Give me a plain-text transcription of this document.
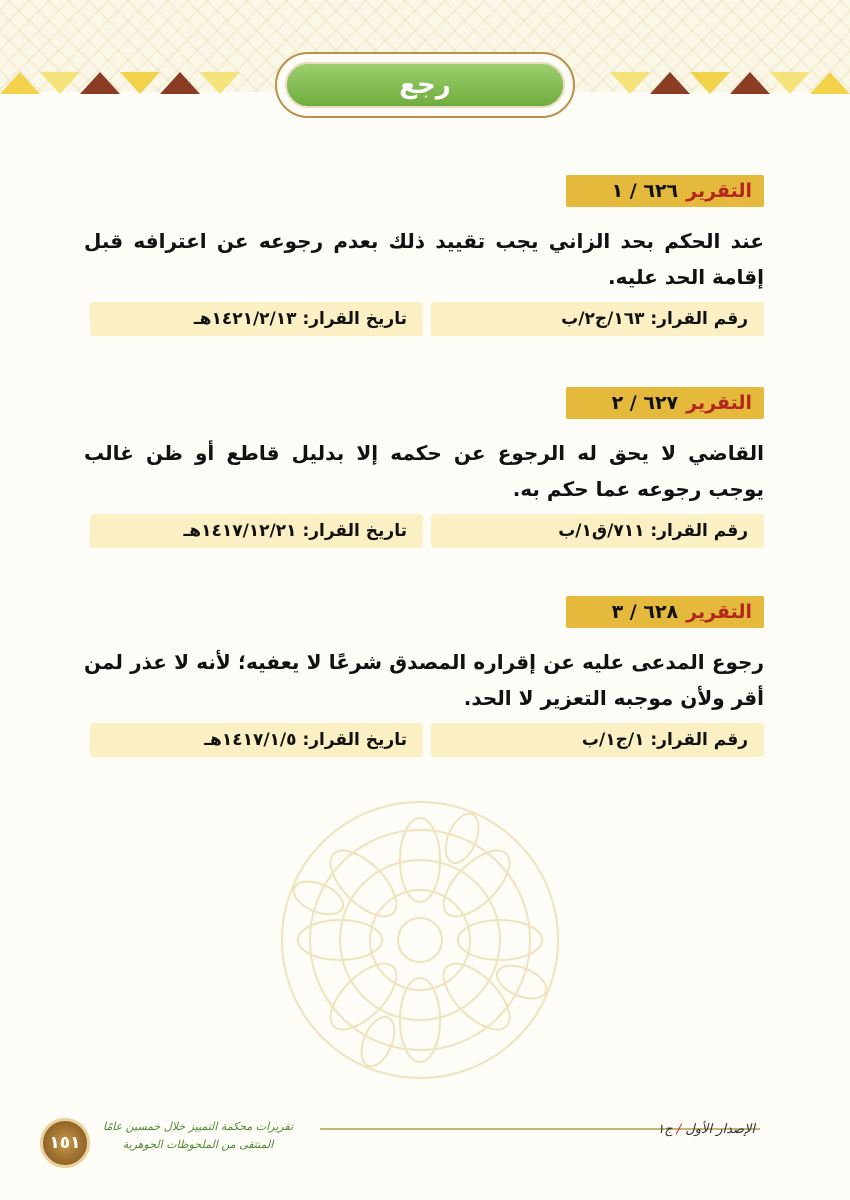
رجع
التقرير
٦٢٦ / ١
عند الحكم بحد الزاني يجب تقييد ذلك بعدم رجوعه عن اعترافه قبل إقامة الحد عليه.
رقم القرار: ١٦٣/ج٢/ب
تاريخ القرار: ١٤٢١/٢/١٣هـ
التقرير
٦٢٧ / ٢
القاضي لا يحق له الرجوع عن حكمه إلا بدليل قاطع أو ظن غالب يوجب رجوعه عما حكم به.
رقم القرار: ٧١١/ق١/ب
تاريخ القرار: ١٤١٧/١٢/٢١هـ
التقرير
٦٢٨ / ٣
رجوع المدعى عليه عن إقراره المصدق شرعًا لا يعفيه؛ لأنه لا عذر لمن أقر ولأن موجبه التعزير لا الحد.
رقم القرار: ١/ج١/ب
تاريخ القرار: ١٤١٧/١/٥هـ
١٥١
تقريرات محكمة التمييز خلال خمسين عامًا
المنتقى من الملحوظات الجوهرية
الإصدار الأول / ج١
